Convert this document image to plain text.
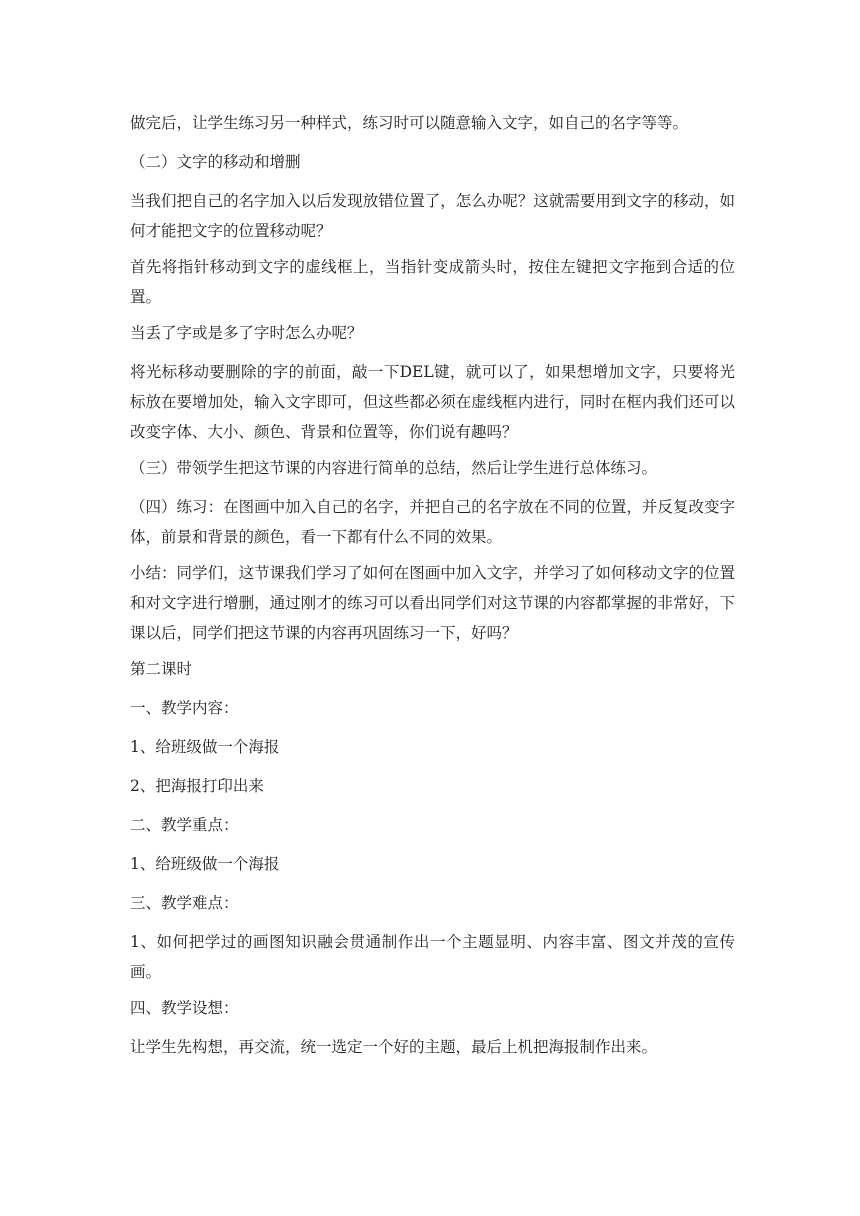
做完后，让学生练习另一种样式，练习时可以随意输入文字，如自己的名字等等。

（二）文字的移动和增删

当我们把自己的名字加入以后发现放错位置了，怎么办呢？这就需要用到文字的移动，如何才能把文字的位置移动呢？

首先将指针移动到文字的虚线框上，当指针变成箭头时，按住左键把文字拖到合适的位置。

当丢了字或是多了字时怎么办呢？

将光标移动要删除的字的前面，敲一下DEL键，就可以了，如果想增加文字，只要将光标放在要增加处，输入文字即可，但这些都必须在虚线框内进行，同时在框内我们还可以改变字体、大小、颜色、背景和位置等，你们说有趣吗？

（三）带领学生把这节课的内容进行简单的总结，然后让学生进行总体练习。

（四）练习：在图画中加入自己的名字，并把自己的名字放在不同的位置，并反复改变字体，前景和背景的颜色，看一下都有什么不同的效果。

小结：同学们，这节课我们学习了如何在图画中加入文字，并学习了如何移动文字的位置和对文字进行增删，通过刚才的练习可以看出同学们对这节课的内容都掌握的非常好，下课以后，同学们把这节课的内容再巩固练习一下，好吗？

第二课时

一、教学内容：

1、给班级做一个海报

2、把海报打印出来

二、教学重点：

1、给班级做一个海报

三、教学难点：

1、如何把学过的画图知识融会贯通制作出一个主题显明、内容丰富、图文并茂的宣传画。

四、教学设想：

让学生先构想，再交流，统一选定一个好的主题，最后上机把海报制作出来。
